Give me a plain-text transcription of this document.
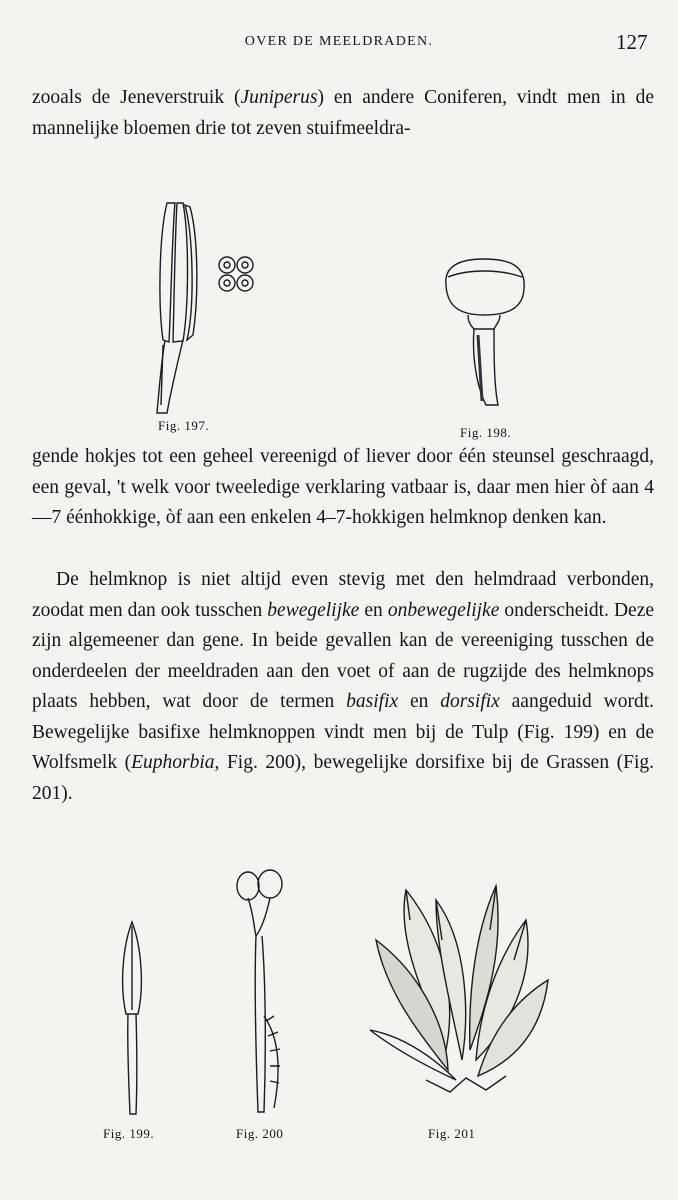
OVER DE MEELDRADEN.	127

zooals de Jeneverstruik (Juniperus) en andere Coniferen, vindt men in de mannelijke bloemen drie tot zeven stuifmeeldra-

Fig. 197.	Fig. 198.

gende hokjes tot een geheel vereenigd of liever door één steunsel geschraagd, een geval, 't welk voor tweeledige verklaring vatbaar is, daar men hier òf aan 4—7 éénhokkige, òf aan een enkelen 4–7-hokkigen helmknop denken kan.

De helmknop is niet altijd even stevig met den helmdraad verbonden, zoodat men dan ook tusschen bewegelijke en onbewegelijke onderscheidt. Deze zijn algemeener dan gene. In beide gevallen kan de vereeniging tusschen de onderdeelen der meeldraden aan den voet of aan de rugzijde des helmknops plaats hebben, wat door de termen basifix en dorsifix aangeduid wordt. Bewegelijke basifixe helmknoppen vindt men bij de Tulp (Fig. 199) en de Wolfsmelk (Euphorbia, Fig. 200), bewegelijke dorsifixe bij de Grassen (Fig. 201).

Fig. 199.	Fig. 200	Fig. 201
